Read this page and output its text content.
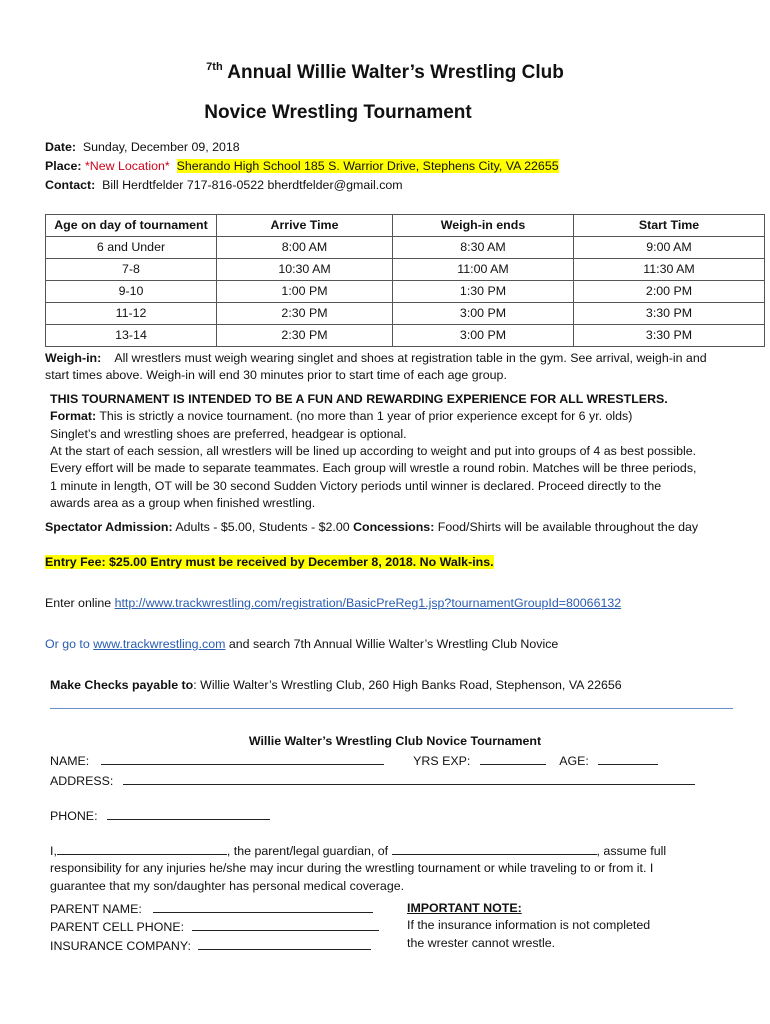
$^{7th}$ Annual Willie Walter’s Wrestling Club
Novice Wrestling Tournament
Date: Sunday, December 09, 2018
Place: *New Location* Sherando High School 185 S. Warrior Drive, Stephens City, VA 22655
Contact: Bill Herdtfelder 717-816-0522 bherdtfelder@gmail.com
Age on day of tournament	Arrive Time	Weigh-in ends	Start Time
6 and Under	8:00 AM	8:30 AM	9:00 AM
7-8	10:30 AM	11:00 AM	11:30 AM
9-10	1:00 PM	1:30 PM	2:00 PM
11-12	2:30 PM	3:00 PM	3:30 PM
13-14	2:30 PM	3:00 PM	3:30 PM
Weigh-in: All wrestlers must weigh wearing singlet and shoes at registration table in the gym. See arrival, weigh-in and
start times above. Weigh-in will end 30 minutes prior to start time of each age group.
THIS TOURNAMENT IS INTENDED TO BE A FUN AND REWARDING EXPERIENCE FOR ALL WRESTLERS.
Format: This is strictly a novice tournament. (no more than 1 year of prior experience except for 6 yr. olds)
Singlet’s and wrestling shoes are preferred, headgear is optional.
At the start of each session, all wrestlers will be lined up according to weight and put into groups of 4 as best possible.
Every effort will be made to separate teammates. Each group will wrestle a round robin. Matches will be three periods,
1 minute in length, OT will be 30 second Sudden Victory periods until winner is declared. Proceed directly to the
awards area as a group when finished wrestling.
Spectator Admission: Adults - $5.00, Students - $2.00 Concessions: Food/Shirts will be available throughout the day
Entry Fee: $25.00 Entry must be received by December 8, 2018. No Walk-ins.
Enter online http://www.trackwrestling.com/registration/BasicPreReg1.jsp?tournamentGroupId=80066132
Or go to www.trackwrestling.com and search 7th Annual Willie Walter’s Wrestling Club Novice
Make Checks payable to: Willie Walter’s Wrestling Club, 260 High Banks Road, Stephenson, VA 22656
Willie Walter’s Wrestling Club Novice Tournament
NAME:	YRS EXP:	AGE:
ADDRESS:
PHONE:
I,	, the parent/legal guardian, of	, assume full
responsibility for any injuries he/she may incur during the wrestling tournament or while traveling to or from it. I
guarantee that my son/daughter has personal medical coverage.
PARENT NAME:
PARENT CELL PHONE:
INSURANCE COMPANY:
IMPORTANT NOTE:
If the insurance information is not completed
the wrester cannot wrestle.
